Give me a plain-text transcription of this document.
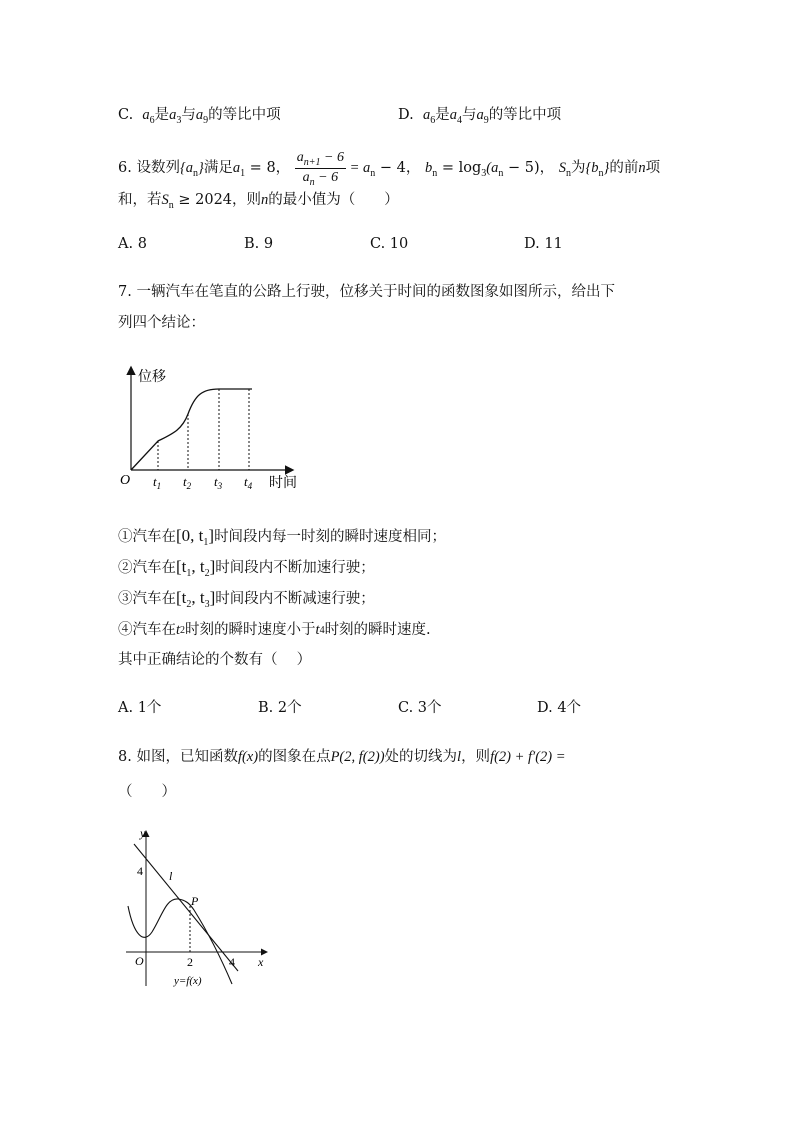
C. $a_6$是$a_3$与$a_9$的等比中项	D. $a_6$是$a_4$与$a_9$的等比中项
6. 设数列$\{a_n\}$满足$a_1 = 8$， $\frac{a_{n+1} - 6}{a_n - 6} = a_n - 4$， $b_n = \log_3(a_n - 5)$， $S_n$为$\{b_n\}$的前n项
和，若$S_n \ge 2024$，则n的最小值为（　　）
A. 8	B. 9	C. 10	D. 11
7. 一辆汽车在笔直的公路上行驶，位移关于时间的函数图象如图所示，给出下
列四个结论：
位移
O	时间
$t_1$ $t_2$ $t_3$ $t_4$
①汽车在[0, $t_1$]时间段内每一时刻的瞬时速度相同；
②汽车在[$t_1$, $t_2$]时间段内不断加速行驶；
③汽车在[$t_2$, $t_3$]时间段内不断减速行驶；
④汽车在t2时刻的瞬时速度小于t4时刻的瞬时速度.
其中正确结论的个数有（　 ）
A. 1个	B. 2个	C. 3个	D. 4个
8. 如图，已知函数f(x)的图象在点P(2, f(2))处的切线为l，则f(2) + f′(2) =
（　　）
y
x
O
4
2	4
l
P
y=f(x)
